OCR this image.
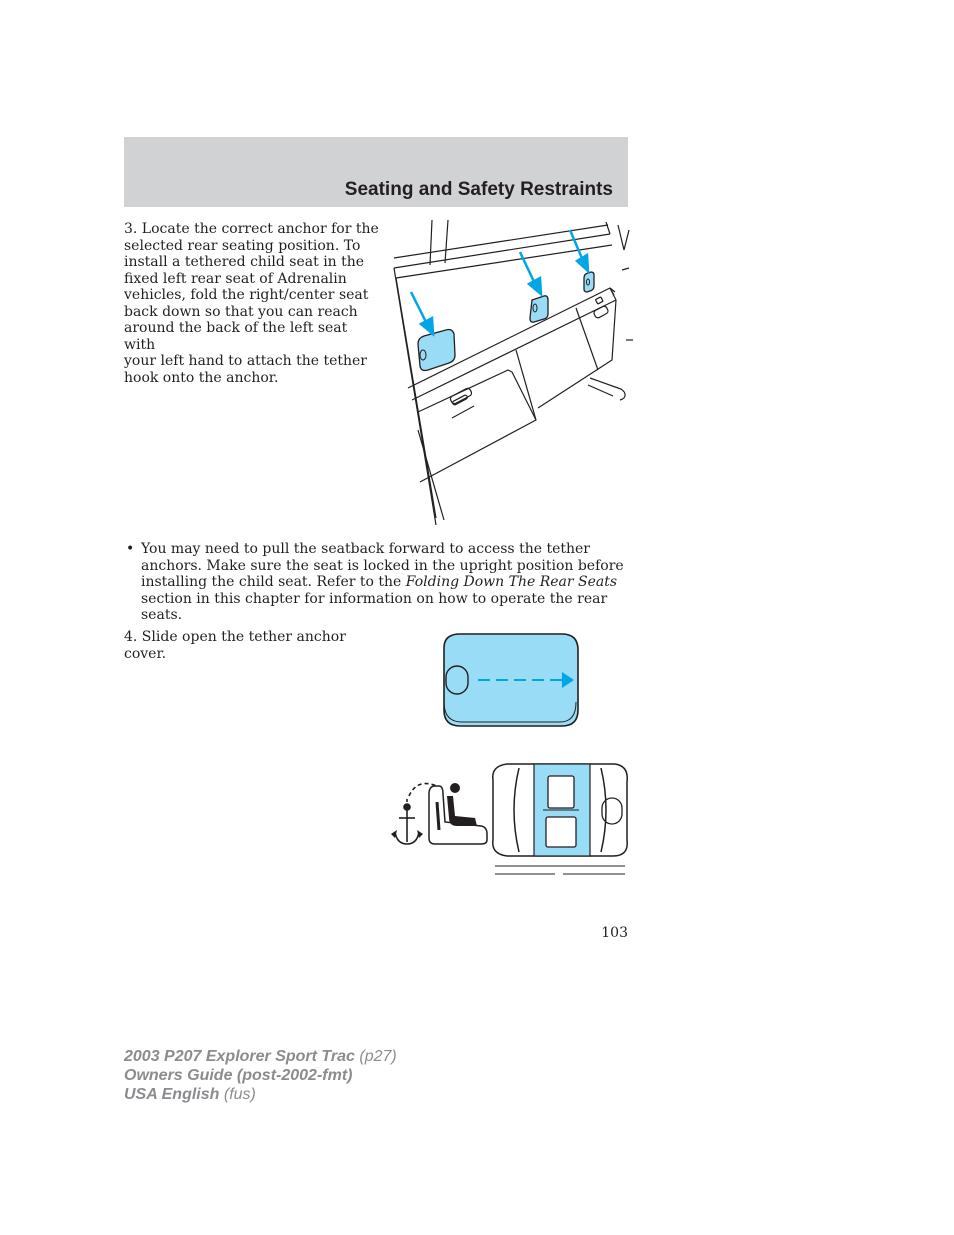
Seating and Safety Restraints
3. Locate the correct anchor for the
selected rear seating position. To
install a tethered child seat in the
fixed left rear seat of Adrenalin
vehicles, fold the right/center seat
back down so that you can reach
around the back of the left seat with
your left hand to attach the tether
hook onto the anchor.
• You may need to pull the seatback forward to access the tether anchors. Make sure the seat is locked in the upright position before installing the child seat. Refer to the Folding Down The Rear Seats section in this chapter for information on how to operate the rear seats.
4. Slide open the tether anchor
cover.
103
2003 P207 Explorer Sport Trac (p27)
Owners Guide (post-2002-fmt)
USA English (fus)
